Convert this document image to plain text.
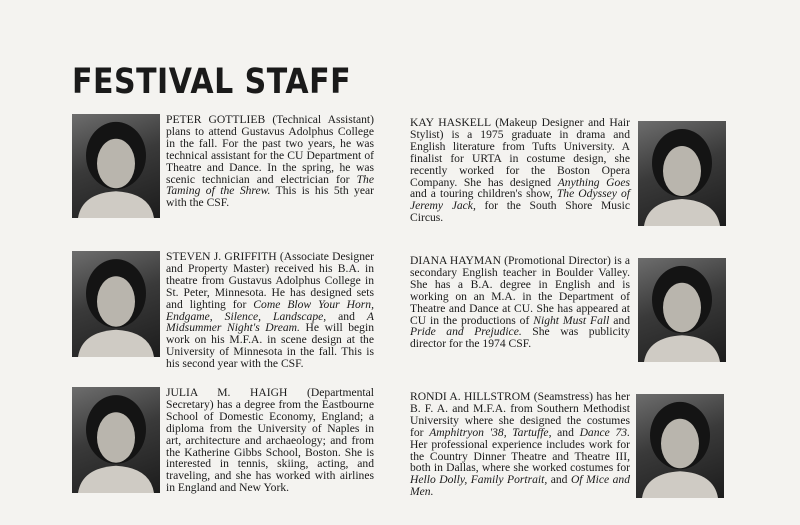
FESTIVAL STAFF

PETER GOTTLIEB (Technical Assistant) plans to attend Gustavus Adolphus College in the fall. For the past two years, he was technical assistant for the CU Department of Theatre and Dance. In the spring, he was scenic technician and electrician for The Taming of the Shrew. This is his 5th year with the CSF.

STEVEN J. GRIFFITH (Associate Designer and Property Master) received his B.A. in theatre from Gustavus Adolphus College in St. Peter, Minnesota. He has designed sets and lighting for Come Blow Your Horn, Endgame, Silence, Landscape, and A Midsummer Night's Dream. He will begin work on his M.F.A. in scene design at the University of Minnesota in the fall. This is his second year with the CSF.

JULIA M. HAIGH (Departmental Secretary) has a degree from the Eastbourne School of Domestic Economy, England; a diploma from the University of Naples in art, architecture and archaeology; and from the Katherine Gibbs School, Boston. She is interested in tennis, skiing, acting, and traveling, and she has worked with airlines in England and New York.

KAY HASKELL (Makeup Designer and Hair Stylist) is a 1975 graduate in drama and English literature from Tufts University. A finalist for URTA in costume design, she recently worked for the Boston Opera Company. She has designed Anything Goes and a touring children's show, The Odyssey of Jeremy Jack, for the South Shore Music Circus.

DIANA HAYMAN (Promotional Director) is a secondary English teacher in Boulder Valley. She has a B.A. degree in English and is working on an M.A. in the Department of Theatre and Dance at CU. She has appeared at CU in the productions of Night Must Fall and Pride and Prejudice. She was publicity director for the 1974 CSF.

RONDI A. HILLSTROM (Seamstress) has her B. F. A. and M.F.A. from Southern Methodist University where she designed the costumes for Amphitryon '38, Tartuffe, and Dance 73. Her professional experience includes work for the Country Dinner Theatre and Theatre III, both in Dallas, where she worked costumes for Hello Dolly, Family Portrait, and Of Mice and Men.
